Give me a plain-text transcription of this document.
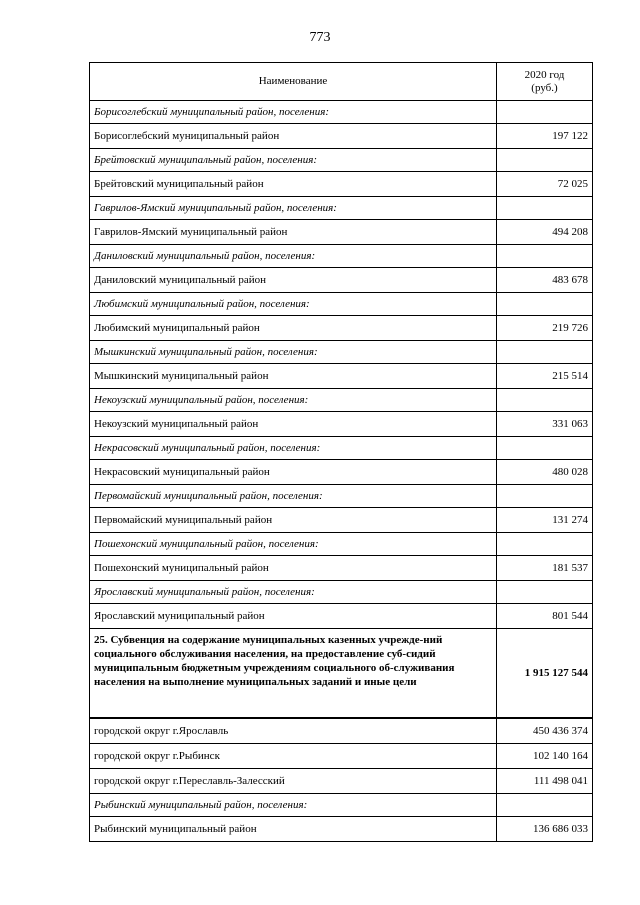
773
Наименование	2020 год
(руб.)
Борисоглебский муниципальный район, поселения:	
Борисоглебский муниципальный район	197 122
Брейтовский муниципальный район, поселения:	
Брейтовский муниципальный район	72 025
Гаврилов-Ямский муниципальный район, поселения:	
Гаврилов-Ямский муниципальный район	494 208
Даниловский муниципальный район, поселения:	
Даниловский муниципальный район	483 678
Любимский муниципальный район, поселения:	
Любимский муниципальный район	219 726
Мышкинский муниципальный район, поселения:	
Мышкинский муниципальный район	215 514
Некоузский муниципальный район, поселения:	
Некоузский муниципальный район	331 063
Некрасовский муниципальный район, поселения:	
Некрасовский муниципальный район	480 028
Первомайский муниципальный район, поселения:	
Первомайский муниципальный район	131 274
Пошехонский муниципальный район, поселения:	
Пошехонский муниципальный район	181 537
Ярославский муниципальный район, поселения:	
Ярославский муниципальный район	801 544
25. Субвенция на содержание муниципальных казенных учрежде-ний социального обслуживания населения, на предоставление суб-сидий муниципальным бюджетным учреждениям социального об-служивания населения на выполнение муниципальных заданий и иные цели	1 915 127 544
городской округ г.Ярославль	450 436 374
городской округ г.Рыбинск	102 140 164
городской округ г.Переславль-Залесский	111 498 041
Рыбинский муниципальный район, поселения:	
Рыбинский муниципальный район	136 686 033
